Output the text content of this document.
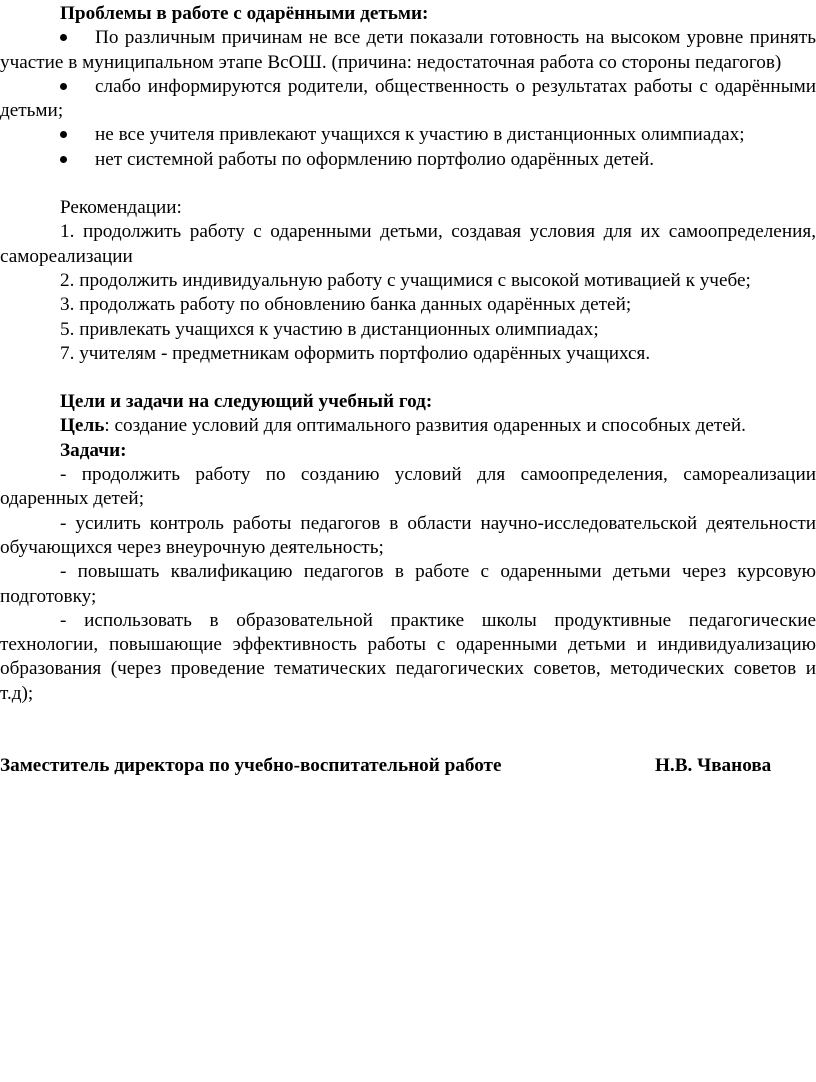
Проблемы в работе с одарёнными детьми:

По различным причинам не все дети показали готовность на высоком уровне принять участие в муниципальном этапе ВсОШ. (причина: недостаточная работа со стороны педагогов)

слабо информируются родители, общественность о результатах работы с одарёнными детьми;

не все учителя привлекают учащихся к участию в дистанционных олимпиадах;

нет системной работы по оформлению портфолио одарённых детей.

Рекомендации:

1. продолжить работу с одаренными детьми, создавая условия для их самоопределения, самореализации

2. продолжить индивидуальную работу с учащимися с высокой мотивацией к учебе;

3. продолжать работу по обновлению банка данных одарённых детей;

5. привлекать учащихся к участию в дистанционных олимпиадах;

7. учителям - предметникам оформить портфолио одарённых учащихся.

Цели и задачи на следующий учебный год:

Цель: создание условий для оптимального развития одаренных и способных детей.

Задачи:

- продолжить работу по созданию условий для самоопределения, самореализации одаренных детей;

- усилить контроль работы педагогов в области научно-исследовательской деятельности обучающихся через внеурочную деятельность;

- повышать квалификацию педагогов в работе с одаренными детьми через курсовую подготовку;

- использовать в образовательной практике школы продуктивные педагогические технологии, повышающие эффективность работы с одаренными детьми и индивидуализацию образования (через проведение тематических педагогических советов, методических советов и т.д);

Заместитель директора по учебно-воспитательной работе	Н.В. Чванова
